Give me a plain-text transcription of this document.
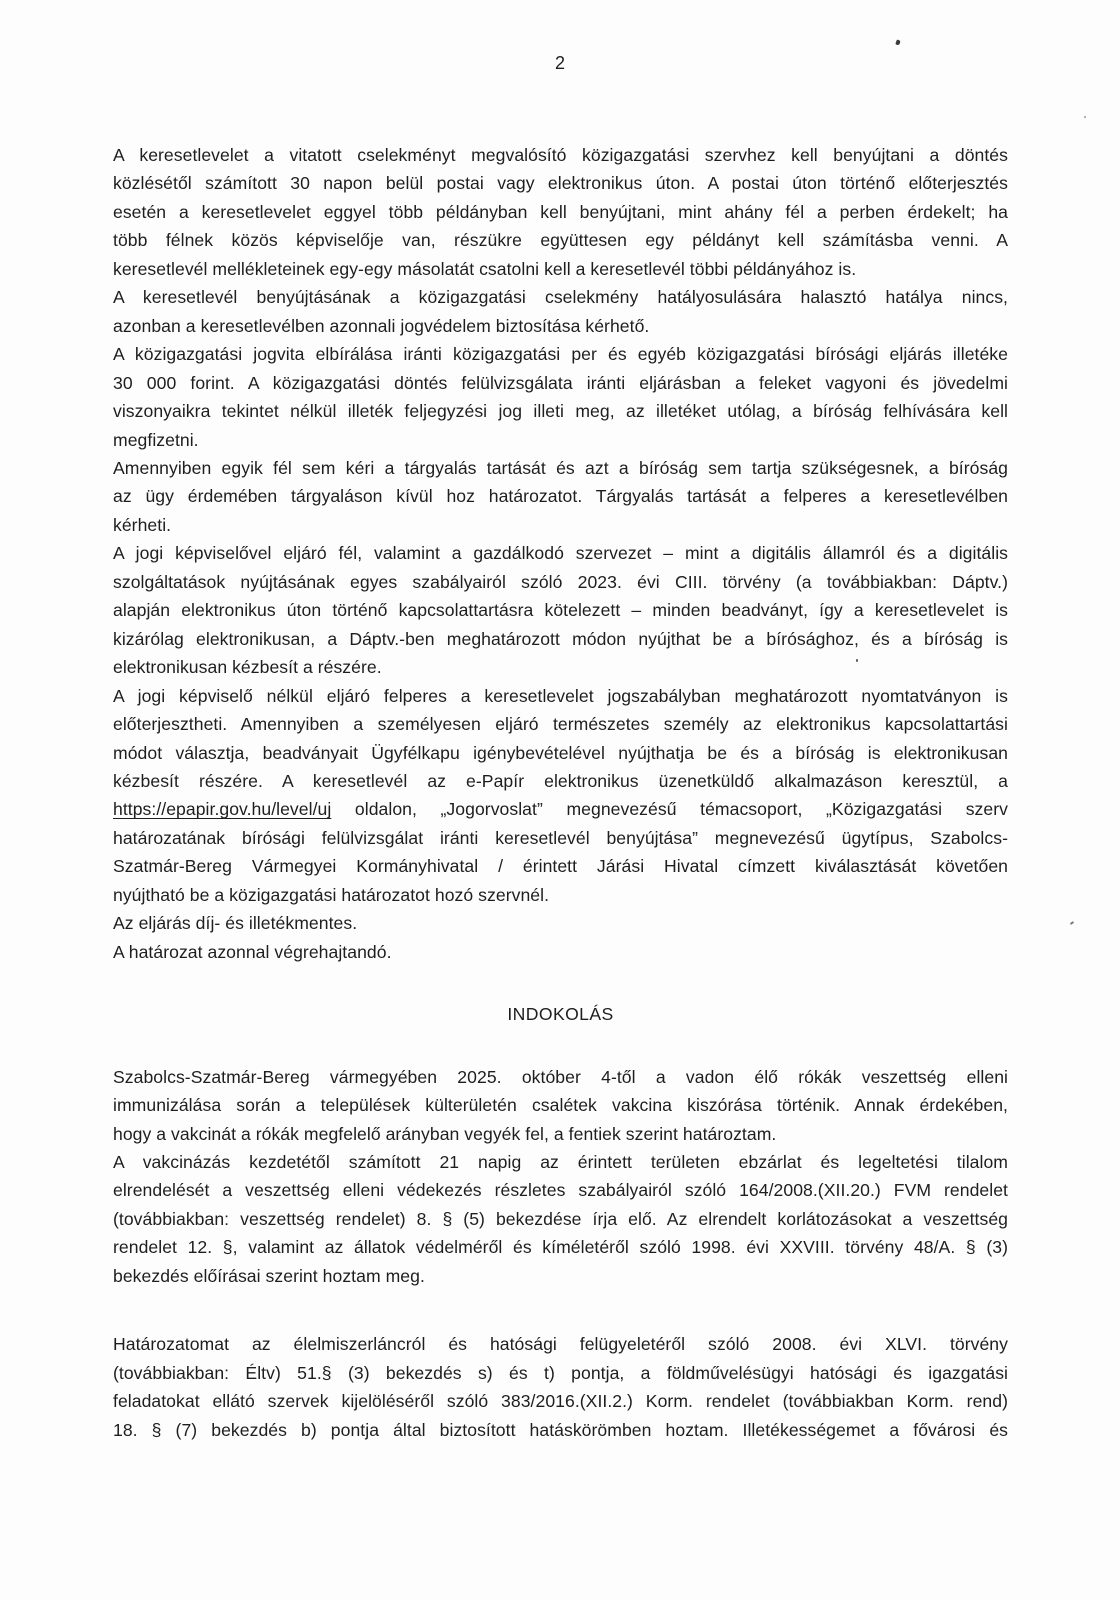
2
A keresetlevelet a vitatott cselekményt megvalósító közigazgatási szervhez kell benyújtani a döntés
közlésétől számított 30 napon belül postai vagy elektronikus úton. A postai úton történő előterjesztés
esetén a keresetlevelet eggyel több példányban kell benyújtani, mint ahány fél a perben érdekelt; ha
több félnek közös képviselője van, részükre együttesen egy példányt kell számításba venni. A
keresetlevél mellékleteinek egy-egy másolatát csatolni kell a keresetlevél többi példányához is.
A keresetlevél benyújtásának a közigazgatási cselekmény hatályosulására halasztó hatálya nincs,
azonban a keresetlevélben azonnali jogvédelem biztosítása kérhető.
A közigazgatási jogvita elbírálása iránti közigazgatási per és egyéb közigazgatási bírósági eljárás illetéke
30 000 forint. A közigazgatási döntés felülvizsgálata iránti eljárásban a feleket vagyoni és jövedelmi
viszonyaikra tekintet nélkül illeték feljegyzési jog illeti meg, az illetéket utólag, a bíróság felhívására kell
megfizetni.
Amennyiben egyik fél sem kéri a tárgyalás tartását és azt a bíróság sem tartja szükségesnek, a bíróság
az ügy érdemében tárgyaláson kívül hoz határozatot. Tárgyalás tartását a felperes a keresetlevélben
kérheti.
A jogi képviselővel eljáró fél, valamint a gazdálkodó szervezet – mint a digitális államról és a digitális
szolgáltatások nyújtásának egyes szabályairól szóló 2023. évi CIII. törvény (a továbbiakban: Dáptv.)
alapján elektronikus úton történő kapcsolattartásra kötelezett – minden beadványt, így a keresetlevelet is
kizárólag elektronikusan, a Dáptv.-ben meghatározott módon nyújthat be a bírósághoz, és a bíróság is
elektronikusan kézbesít a részére.
A jogi képviselő nélkül eljáró felperes a keresetlevelet jogszabályban meghatározott nyomtatványon is
előterjesztheti. Amennyiben a személyesen eljáró természetes személy az elektronikus kapcsolattartási
módot választja, beadványait Ügyfélkapu igénybevételével nyújthatja be és a bíróság is elektronikusan
kézbesít részére. A keresetlevél az e-Papír elektronikus üzenetküldő alkalmazáson keresztül, a
https://epapir.gov.hu/level/uj oldalon, „Jogorvoslat” megnevezésű témacsoport, „Közigazgatási szerv
határozatának bírósági felülvizsgálat iránti keresetlevél benyújtása” megnevezésű ügytípus, Szabolcs-
Szatmár-Bereg Vármegyei Kormányhivatal / érintett Járási Hivatal címzett kiválasztását követően
nyújtható be a közigazgatási határozatot hozó szervnél.
Az eljárás díj- és illetékmentes.
A határozat azonnal végrehajtandó.
INDOKOLÁS
Szabolcs-Szatmár-Bereg vármegyében 2025. október 4-től a vadon élő rókák veszettség elleni
immunizálása során a települések külterületén csalétek vakcina kiszórása történik. Annak érdekében,
hogy a vakcinát a rókák megfelelő arányban vegyék fel, a fentiek szerint határoztam.
A vakcinázás kezdetétől számított 21 napig az érintett területen ebzárlat és legeltetési tilalom
elrendelését a veszettség elleni védekezés részletes szabályairól szóló 164/2008.(XII.20.) FVM rendelet
(továbbiakban: veszettség rendelet) 8. § (5) bekezdése írja elő. Az elrendelt korlátozásokat a veszettség
rendelet 12. §, valamint az állatok védelméről és kíméletéről szóló 1998. évi XXVIII. törvény 48/A. § (3)
bekezdés előírásai szerint hoztam meg.
Határozatomat az élelmiszerláncról és hatósági felügyeletéről szóló 2008. évi XLVI. törvény
(továbbiakban: Éltv) 51.§ (3) bekezdés s) és t) pontja, a földművelésügyi hatósági és igazgatási
feladatokat ellátó szervek kijelöléséről szóló 383/2016.(XII.2.) Korm. rendelet (továbbiakban Korm. rend)
18. § (7) bekezdés b) pontja által biztosított hatáskörömben hoztam. Illetékességemet a fővárosi és
